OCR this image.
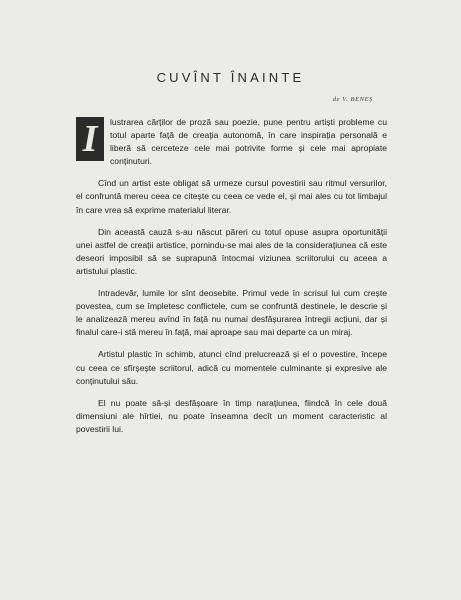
CUVÎNT ÎNAINTE
de V. BENEȘ

I	lustrarea cărților de proză sau poezie, pune pentru artiști probleme cu totul aparte față de creația autonomă, în care inspirația personală e liberă să cerceteze cele mai potrivite forme și cele mai apropiate conținuturi.

Cînd un artist este obligat să urmeze cursul povestirii sau ritmul versurilor, el confruntă mereu ceea ce citește cu ceea ce vede el, și mai ales cu tot limbajul în care vrea să exprime materialul literar.

Din această cauză s-au născut păreri cu totul opuse asupra oportunității unei astfel de creații artistice, pornindu-se mai ales de la considerațiunea că este deseori imposibil să se suprapună întocmai viziunea scriitorului cu aceea a artistului plastic.

Intradevăr, lumile lor sînt deosebite. Primul vede în scrisul lui cum crește povestea, cum se împletesc conflictele, cum se confruntă destinele, le descrie și le analizează mereu avînd în față nu numai desfășurarea întregii acțiuni, dar și finalul care-i stă mereu în față, mai aproape sau mai departe ca un miraj.

Artistul plastic în schimb, atunci cînd prelucrează și el o povestire, începe cu ceea ce sfîrșește scriitorul, adică cu momentele culminante și expresive ale conținutului său.

El nu poate să-și desfășoare în timp narațiunea, fiindcă în cele două dimensiuni ale hîrtiei, nu poate înseamna decît un moment caracteristic al povestirii lui.
